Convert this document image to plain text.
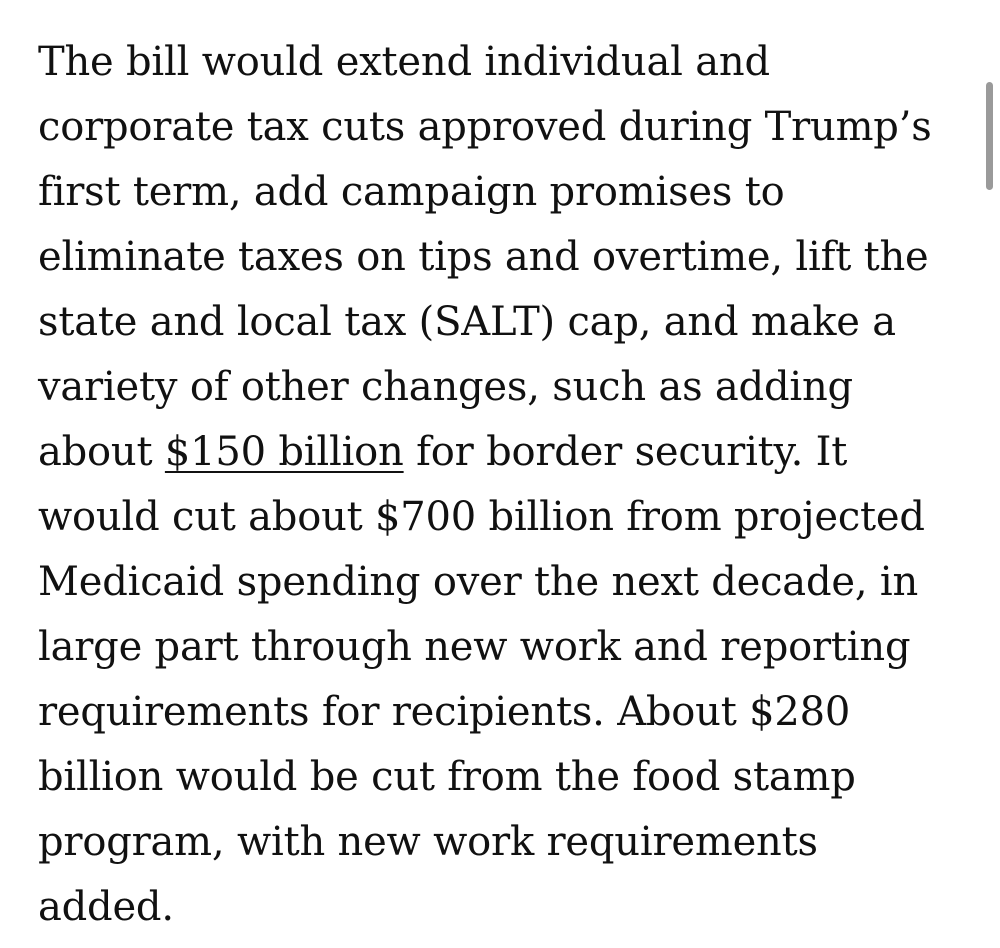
The bill would extend individual and
corporate tax cuts approved during Trump’s
first term, add campaign promises to
eliminate taxes on tips and overtime, lift the
state and local tax (SALT) cap, and make a
variety of other changes, such as adding
about $150 billion for border security. It
would cut about $700 billion from projected
Medicaid spending over the next decade, in
large part through new work and reporting
requirements for recipients. About $280
billion would be cut from the food stamp
program, with new work requirements
added.
